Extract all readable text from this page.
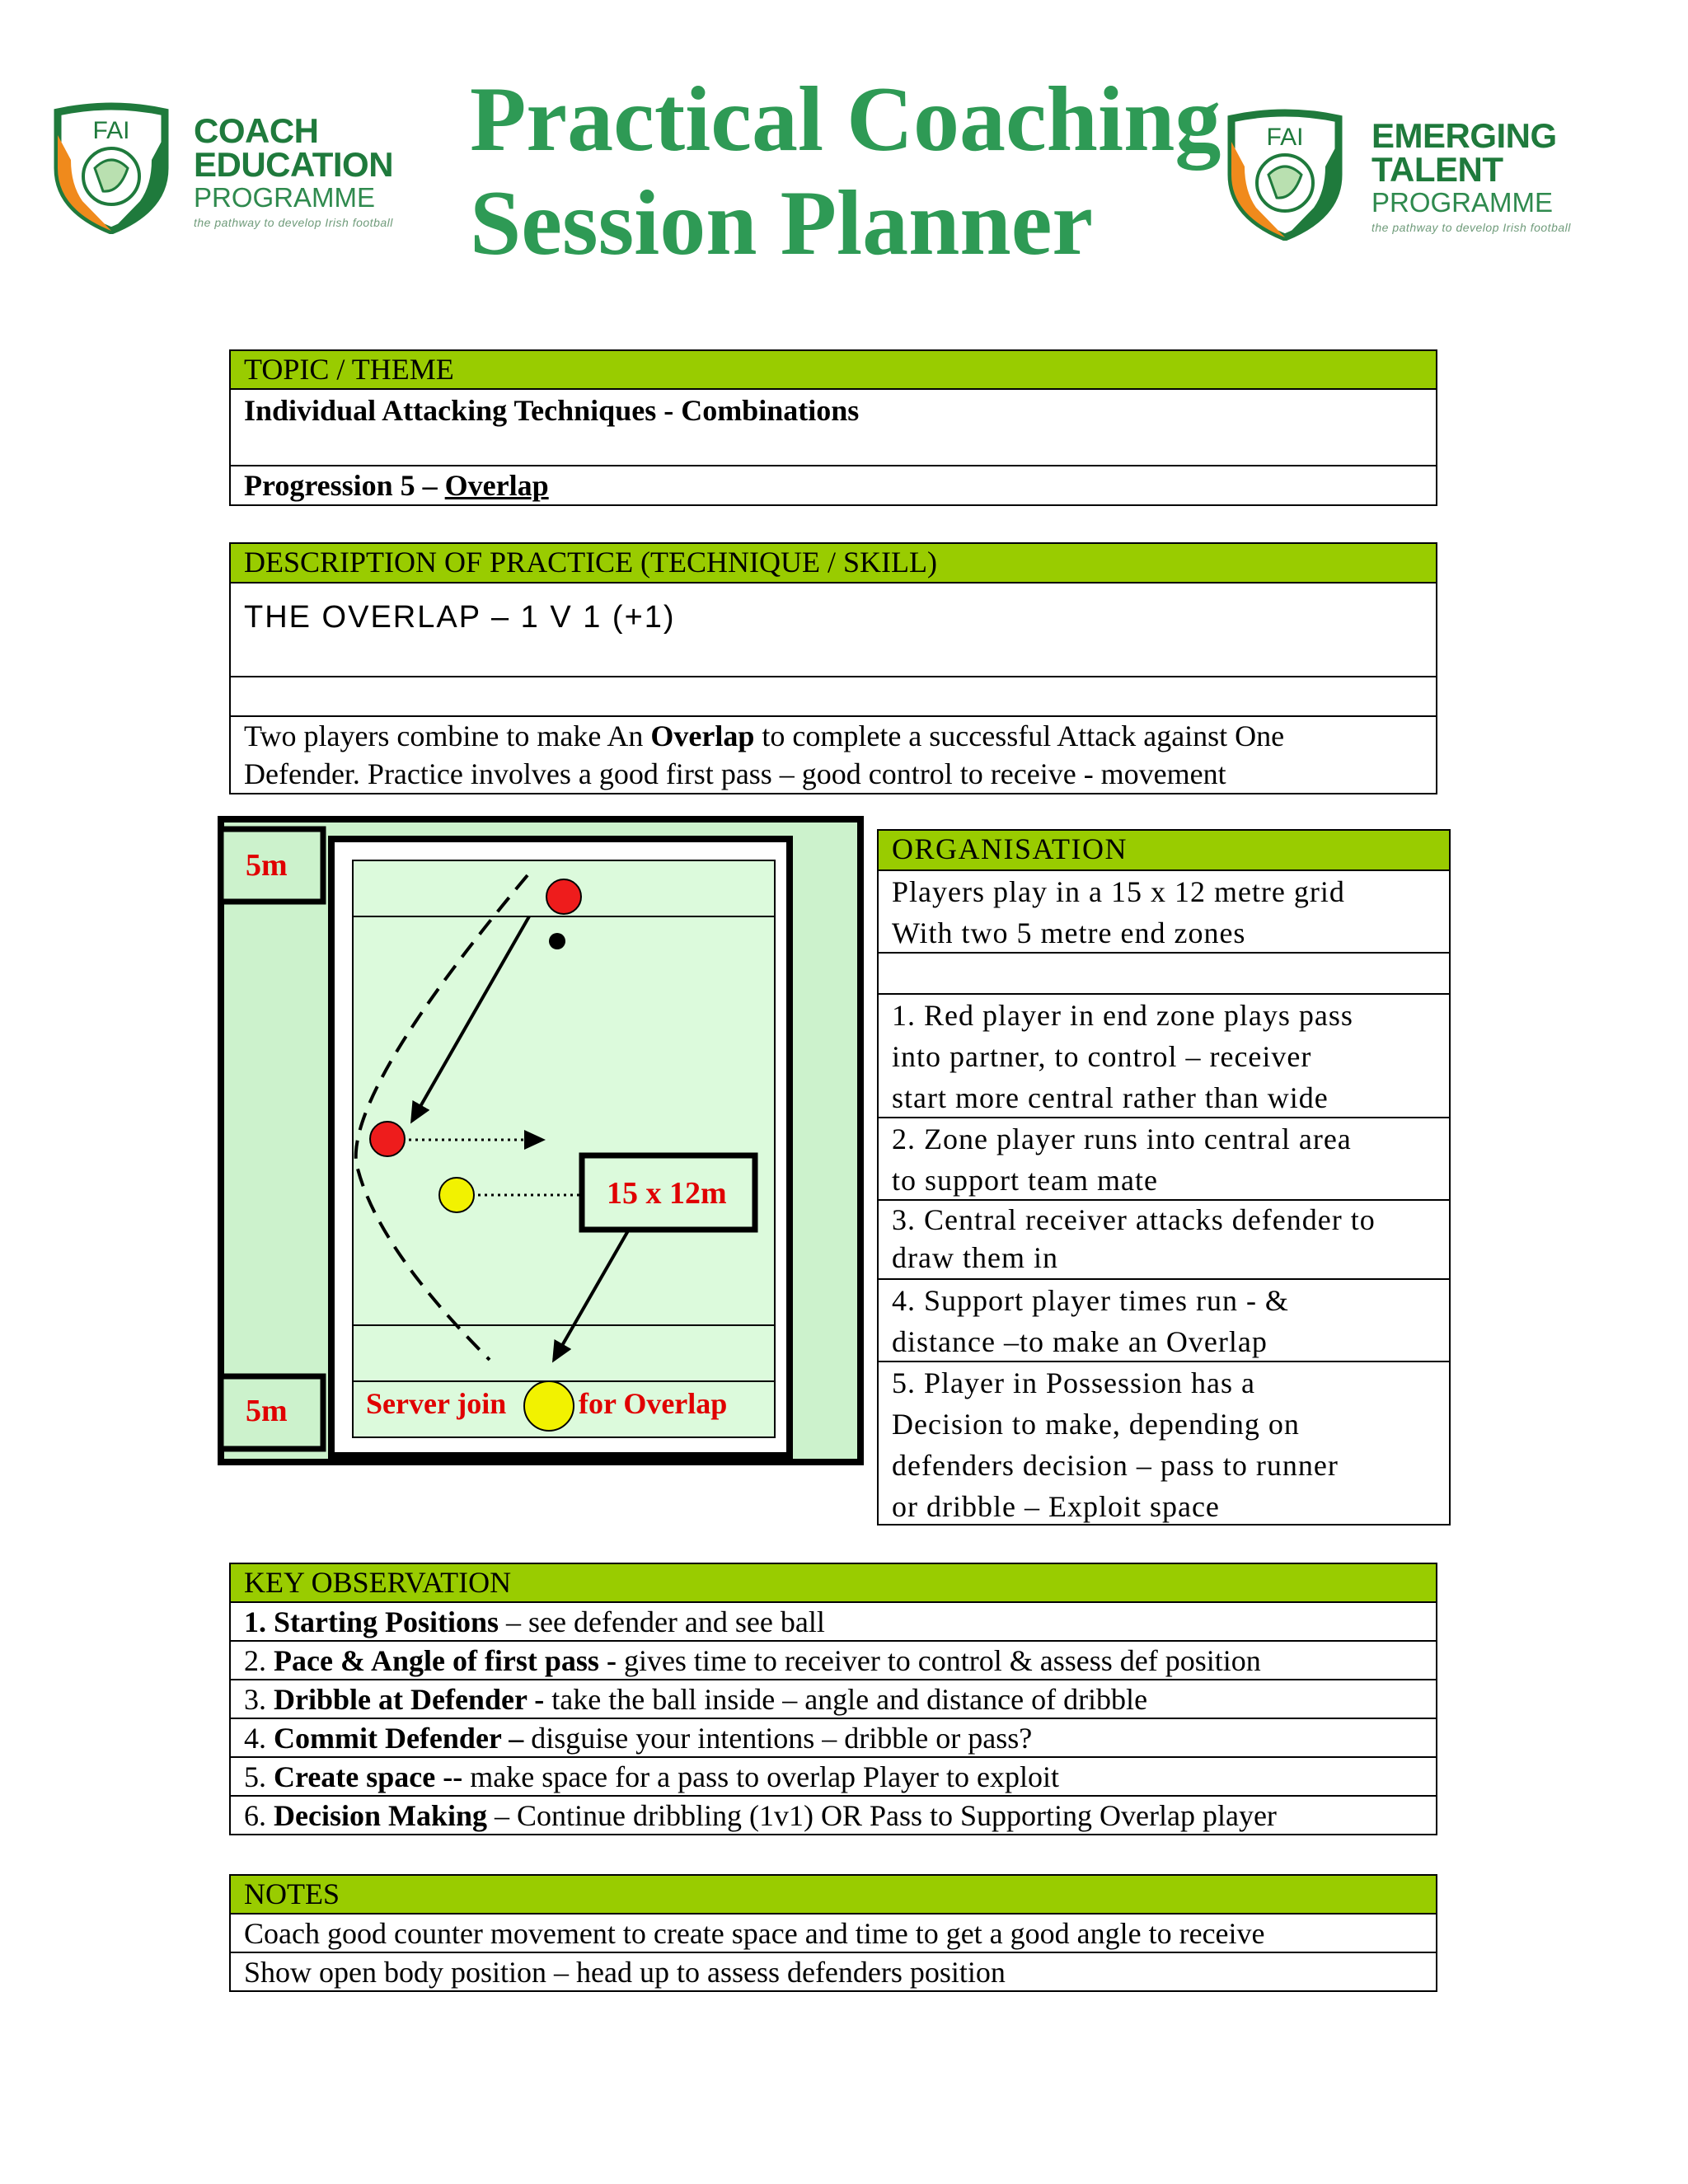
FAI COACH
EDUCATION
PROGRAMME
the pathway to develop Irish football
Practical Coaching
Session Planner
FAI EMERGING
TALENT
PROGRAMME
the pathway to develop Irish football
TOPIC / THEME
Individual Attacking Techniques - Combinations
Progression 5 – Overlap
DESCRIPTION OF PRACTICE (TECHNIQUE / SKILL)
THE OVERLAP – 1 V 1 (+1)
Two players combine to make An Overlap to complete a successful Attack against One
Defender. Practice involves a good first pass – good control to receive - movement
5m
5m
15 x 12m
Server join for Overlap
ORGANISATION
Players play in a 15 x 12 metre grid
With two 5 metre end zones
1. Red player in end zone plays pass
into partner, to control – receiver
start more central rather than wide
2. Zone player runs into central area
to support team mate
3. Central receiver attacks defender to
draw them in
4. Support player times run - &
distance –to make an Overlap
5. Player in Possession has a
Decision to make, depending on
defenders decision – pass to runner
or dribble – Exploit space
KEY OBSERVATION
1. Starting Positions – see defender and see ball
2. Pace & Angle of first pass - gives time to receiver to control & assess def position
3. Dribble at Defender - take the ball inside – angle and distance of dribble
4. Commit Defender – disguise your intentions – dribble or pass?
5. Create space -- make space for a pass to overlap Player to exploit
6. Decision Making – Continue dribbling (1v1) OR Pass to Supporting Overlap player
NOTES
Coach good counter movement to create space and time to get a good angle to receive
Show open body position – head up to assess defenders position
